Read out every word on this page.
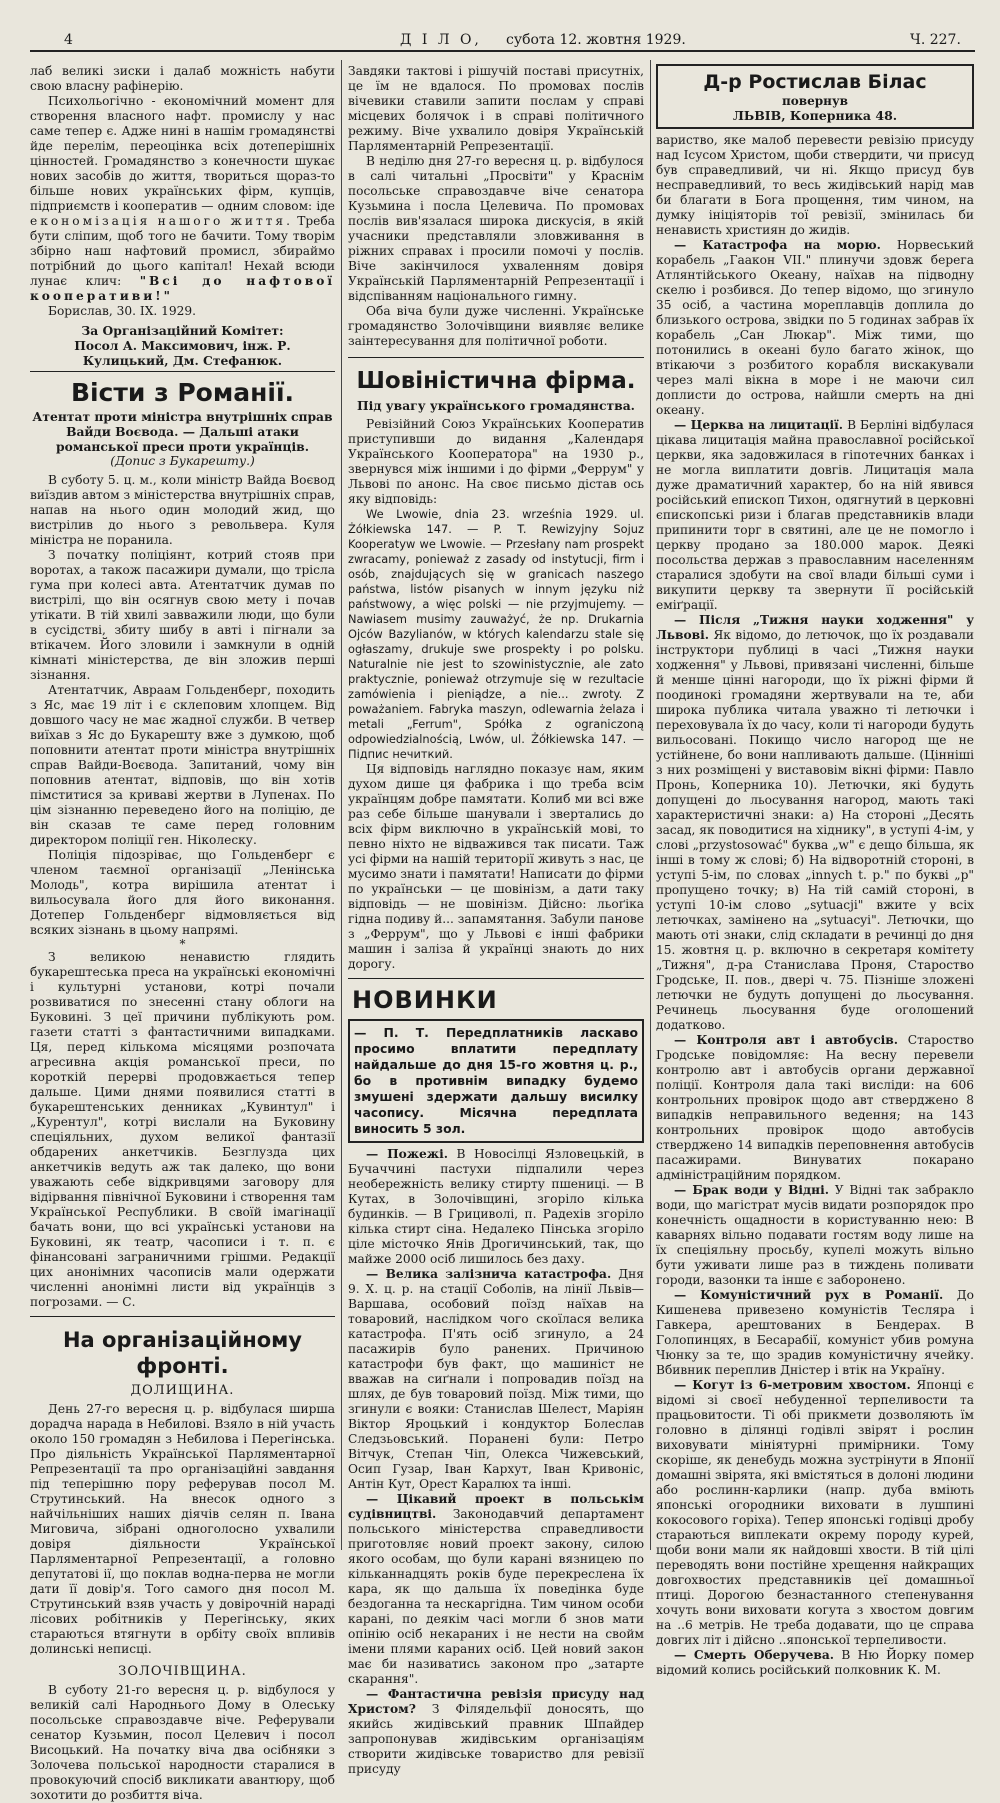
4	Д І Л О, субота 12. жовтня 1929.	Ч. 227.

лаб великі зиски і далаб можність набути свою власну рафінерію.

Психольогічно - економічний момент для створення власного нафт. промислу у нас саме тепер є. Адже нині в нашім громадянстві йде перелім, переоцінка всіх дотеперішніх цінностей. Громадянство з конечности шукає нових засобів до життя, твориться щораз-то більше нових українських фірм, купців, підприємств і кооператив — одним словом: іде економізація нашого життя. Треба бути сліпим, щоб того не бачити. Тому творім збірно наш нафтовий промисл, збираймо потрібний до цього капітал! Нехай всюди лунає клич: "Всі до нафтової кооперативи!"

Борислав, 30. IX. 1929.

За Організаційний Комітет:
Посол А. Максимович, інж. Р. Кулицький, Дм. Стефанюк.
Вісти з Романії.
Атентат проти міністра внутрішніх справ Вайди Воєвода. — Дальші атаки романської преси проти українців.
(Допис з Букарешту.)

В суботу 5. ц. м., коли міністр Вайда Воєвод виїздив автом з міністерства внутрішніх справ, напав на нього один молодий жид, що вистрілив до нього з револьвера. Куля міністра не поранила.

З початку поліціянт, котрий стояв при воротах, а також пасажири думали, що трісла гума при колесі авта. Атентатчик думав по вистрілі, що він осягнув свою мету і почав утікати. В тій хвилі завважили люди, що були в сусідстві, збиту шибу в авті і пігнали за втікачем. Його зловили і замкнули в одній кімнаті міністерства, де він зложив перші зізнання.

Атентатчик, Авраам Гольденберг, походить з Яс, має 19 літ і є склеповим хлопцем. Від довшого часу не має жадної служби. В четвер виїхав з Яс до Букарешту вже з думкою, щоб поповнити атентат проти міністра внутрішніх справ Вайди-Воєвода. Запитаний, чому він поповнив атентат, відповів, що він хотів пімститися за криваві жертви в Лупенах. По цім зізнанню переведено його на поліцію, де він сказав те саме перед головним директором поліції ген. Ніколеску.

Поліція підозріває, що Гольденберг є членом таємної організації „Ленінська Молодь", котра вирішила атентат і вильосувала його для його виконання. Дотепер Гольденберг відмовляється від всяких зізнань в цьому напрямі.

*

З великою ненавистю глядить букарештеська преса на українські економічні і культурні установи, котрі почали розвиватися по знесенні стану облоги на Буковині. З цеї причини публікують ром. газети статті з фантастичними випадками. Ця, перед кількома місяцями розпочата агресивна акція романської преси, по короткій перерві продовжається тепер дальше. Цими днями появилися статті в букарештенських денниках „Кувинтул" і „Курентул", котрі вислали на Буковину спеціяльних, духом великої фантазії обдарених анкетчиків. Безглузда цих анкетчиків ведуть аж так далеко, що вони уважають себе відкривцями заговору для відірвання північної Буковини і створення там Української Республики. В своїй імагінації бачать вони, що всі українські установи на Буковині, як театр, часописи і т. п. є фінансовані заграничними грішми. Редакції цих анонімних часописів мали одержати численні анонімні листи від українців з погрозами. — С.

На організаційному фронті.
ДОЛИЩИНА.

День 27-го вересня ц. р. відбулася ширша дорадча нарада в Небилові. Взяло в ній участь около 150 громадян з Небилова і Перегінська. Про діяльність Української Парляментарної Репрезентації та про організаційні завдання під теперішню пору реферував посол М. Струтинський. На внесок одного з найчільніших наших діячів селян п. Івана Миговича, зібрані одноголосно ухвалили довіря діяльности Української Парляментарної Репрезентації, а головно депутатові ії, що поклав водна-перва не могли дати її довір'я. Того самого дня посол М. Струтинський взяв участь у довірочній нараді лісових робітників у Перегінську, яких стараються втягнути в орбіту своїх впливів долинські неписці.

ЗОЛОЧІВЩИНА.

В суботу 21-го вересня ц. р. відбулося у великій салі Народнього Дому в Олеську посольське справоздавче віче. Реферували сенатор Кузьмин, посол Целевич і посол Висоцький. На початку віча два осібняки з Золочева польської народности старалися в провокуючий спосіб викликати авантюру, щоб зохотити до розбиття віча.

Завдяки тактові і рішучій поставі присутніх, це їм не вдалося. По промовах послів вічевики ставили запити послам у справі місцевих болячок і в справі політичного режиму. Віче ухвалило довіря Українській Парляментарній Репрезентації.

В неділю дня 27-го вересня ц. р. відбулося в салі читальні „Просвіти" у Краснім посольське справоздавче віче сенатора Кузьмина і посла Целевича. По промовах послів вив'язалася широка дискусія, в якій учасники представляли зловживання в ріжних справах і просили помочі у послів. Віче закінчилося ухваленням довіря Українській Парляментарній Репрезентації і відспіванням національного гимну.

Оба віча були дуже численні. Українське громадянство Золочівщини виявляє велике заінтересування для політичної роботи.

Шовіністична фірма.
Під увагу українського громадянства.

Ревізійний Союз Українських Кооператив приступивши до видання „Календаря Українського Кооператора" на 1930 р., звернувся між іншими і до фірми „Феррум" у Львові по анонс. На своє письмо дістав ось яку відповідь:

We Lwowie, dnia 23. września 1929. ul. Żółkiewska 147. — P. T. Rewizyjny Sojuz Kooperatyw we Lwowie. — Przesłany nam prospekt zwracamy, ponieważ z zasady od instytucji, firm i osób, znajdujących się w granicach naszego państwa, listów pisanych w innym języku niż państwowy, a więc polski — nie przyjmujemy. — Nawiasem musimy zauważyć, że np. Drukarnia Ojców Bazylianów, w których kalendarzu stale się ogłaszamy, drukuje swe prospekty i po polsku. Naturalnie nie jest to szowinistycznie, ale zato praktycznie, ponieważ otrzymuje się w rezultacie zamówienia i pieniądze, a nie... zwroty. Z poważaniem. Fabryka maszyn, odlewarnia żelaza i metali „Ferrum", Spółka z ograniczoną odpowiedzialnością, Lwów, ul. Żółkiewska 147. — Підпис нечиткий.

Ця відповідь наглядно показує нам, яким духом дише ця фабрика і що треба всім українцям добре памятати. Колиб ми всі вже раз себе більше шанували і звертались до всіх фірм виключно в українській мові, то певно ніхто не відважився так писати. Таж усі фірми на нашій території живуть з нас, це мусимо знати і памятати! Написати до фірми по українськи — це шовінізм, а дати таку відповідь — не шовінізм. Дійсно: льоґіка гідна подиву й... запамятання. Забули панове з „Феррум", що у Львові є інші фабрики машин і заліза й українці знають до них дорогу.

НОВИНКИ

— П. Т. Передплатників ласкаво просимо вплатити передплату найдальше до дня 15-го жовтня ц. р., бо в противнім випадку будемо змушені здержати дальшу висилку часопису. Місячна передплата виносить 5 зол.

— Пожежі. В Новосілці Язловецькій, в Бучаччині пастухи підпалили через необережність велику стирту пшениці. — В Кутах, в Золочівщині, згоріло кілька будинків. — В Грициволі, п. Радехів згоріло кілька стирт сіна. Недалеко Пінська згоріло ціле місточко Янів Дрогичинський, так, що майже 2000 осіб лишилось без даху.

— Велика залізнича катастрофа. Дня 9. X. ц. р. на стації Соболів, на лінії Львів—Варшава, особовий поїзд наїхав на товаровий, наслідком чого скоїлася велика катастрофа. П'ять осіб згинуло, а 24 пасажирів було ранених. Причиною катастрофи був факт, що машиніст не вважав на сиґнали і попровадив поїзд на шлях, де був товаровий поїзд. Між тими, що згинули є вояки: Станислав Шелест, Маріян Віктор Яроцький і кондуктор Болеслав Следзьовський. Поранені були: Петро Вітчук, Степан Чіп, Олекса Чижевський, Осип Гузар, Іван Кархут, Іван Кривоніс, Антін Кут, Орест Каралюх та інші.

— Цікавий проект в польськім судівництві. Законодавчий департамент польського міністерства справедливости приготовляє новий проект закону, силою якого особам, що були карані вязницею по кільканнадцять років буде перекреслена їх кара, як що дальша їх поведінка буде бездоганна та нескаргідна. Тим чином особи карані, по деякім часі могли б знов мати опінію осіб некараних і не нести на свойм імени плями караних осіб. Цей новий закон має би називатись законом про „затарте скарання".

— Фантастична ревізія присуду над Христом? З Філядельфії доносять, що якийсь жидівський правник Шпайдер запропонував жидівським організаціям створити жидівське товариство для ревізії присуду

Д-р Ростислав Білас
повернув
ЛЬВІВ, Коперника 48.

вариство, яке малоб перевести ревізію присуду над Ісусом Христом, щоби ствердити, чи присуд був справедливий, чи ні. Якщо присуд був несправедливий, то весь жидівський нарід мав би благати в Бога прощення, тим чином, на думку ініціяторів тої ревізії, змінилась би ненависть християн до жидів.

— Катастрофа на морю. Норвеський корабель „Гаакон VII." плинучи здовж берега Атлянтійського Океану, наїхав на підводну скелю і розбився. До тепер відомо, що згинуло 35 осіб, а частина мореплавців доплила до близького острова, звідки по 5 годинах забрав їх корабель „Сан Люкар". Між тими, що потонились в океані було багато жінок, що втікаючи з розбитого корабля вискакували через малі вікна в море і не маючи сил доплисти до острова, найшли смерть на дні океану.

— Церква на лицитації. В Берліні відбулася цікава лицитація майна православної російської церкви, яка задовжилася в гіпотечних банках і не могла виплатити довгів. Лицитація мала дуже драматичний характер, бо на ній явився російський епископ Тихон, одягнутий в церковні єпископські ризи і благав представників влади припинити торг в святині, але це не помогло і церкву продано за 180.000 марок. Деякі посольства держав з православним населенням старалися здобути на свої влади більші суми і викупити церкву та звернути її російській еміґрації.

— Після „Тижня науки ходження" у Львові. Як відомо, до летючок, що їх роздавали інструктори публиці в часі „Тижня науки ходження" у Львові, привязані численні, більше й менше цінні нагороди, що їх ріжні фірми й поодинокі громадяни жертвували на те, аби широка публика читала уважно ті летючки і переховувала їх до часу, коли ті нагороди будуть вильосовані. Покищо число нагород ще не устійнене, бо вони напливають дальше. (Цінніші з них розміщені у виставовім вікні фірми: Павло Пронь, Коперника 10). Летючки, які будуть допущені до льосування нагород, мають такі характеристичні знаки: а) На стороні „Десять засад, як поводитися на хіднику", в уступі 4-ім, у слові „przystosować" буква „w" є дещо більша, як інші в тому ж слові; б) На відворотній стороні, в уступі 5-ім, по словах „innych t. p." по букві „p" пропущено точку; в) На тій самій стороні, в уступі 10-ім слово „sytuacji" вжите у всіх летючках, замінено на „sytuacyi". Летючки, що мають оті знаки, слід складати в речинці до дня 15. жовтня ц. р. включно в секретаря комітету „Тижня", д-ра Станислава Проня, Староство Гродське, ІІ. пов., двері ч. 75. Пізніше зложені летючки не будуть допущені до льосування. Речинець льосування буде оголошений додатково.

— Контроля авт і автобусів. Староство Гродське повідомляє: На весну перевели контролю авт і автобусів органи державної поліції. Контроля дала такі висліди: на 606 контрольних провірок щодо авт стверджено 8 випадків неправильного ведення; на 143 контрольних провірок щодо автобусів стверджено 14 випадків переповнення автобусів пасажирами. Винуватих покарано адміністраційним порядком.

— Брак води у Відні. У Відні так забракло води, що магістрат мусів видати розпорядок про конечність ощадности в користуванню нею: В каварнях вільно подавати гостям воду лише на їх спеціяльну просьбу, купелі можуть вільно бути уживати лише раз в тиждень поливати городи, вазонки та інше є заборонено.

— Комуністичний рух в Романії. До Кишенева привезено комуністів Тесляра і Гавкера, арештованих в Бендерах. В Голопинцях, в Бесарабії, комуніст убив ромуна Чюнку за те, що зрадив комуністичну ячейку. Вбивник переплив Дністер і втік на Україну.

— Когут із 6-метровим хвостом. Японці є відомі зі своєї небуденної терпеливости та працьовитости. Ті обі прикмети дозволяють їм головно в ділянці годівлі звірят і рослин виховувати мініятурні примірники. Тому скоріше, як денебудь можна зустрінути в Японії домашні звірята, які вмістяться в долоні людини або рослинн-карлики (напр. дуба вміють японські огородники виховати в лушпині кокосового горіха). Тепер японські годівці дробу стараються виплекати окрему породу курей, щоби вони мали як найдовші хвости. В тій цілі переводять вони постійне хрещення найкращих довгохвостих представників цеї домашньої птиці. Дорогою безнастанного степенування хочуть вони виховати когута з хвостом довгим на ..6 метрів. Не треба додавати, що це справа довгих літ і дійсно ..японської терпеливости.

— Смерть Оберучева. В Ню Йорку помер відомий колись російський полковник К. М.
